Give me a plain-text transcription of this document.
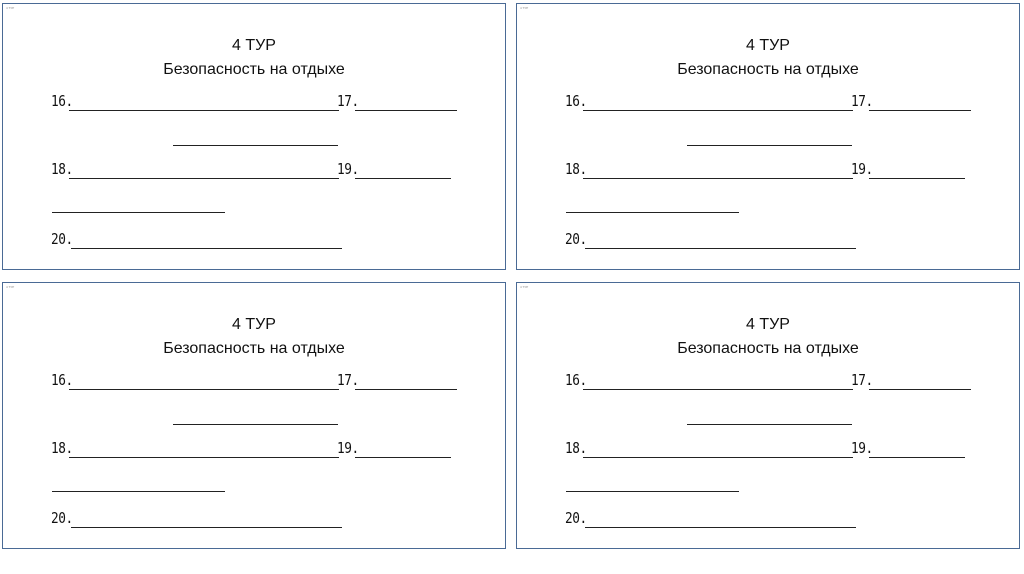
4 ТУР
4 ТУР
Безопасность на отдыхе
16.	17.
18.	19.
20.
4 ТУР
4 ТУР
Безопасность на отдыхе
16.	17.
18.	19.
20.
4 ТУР
4 ТУР
Безопасность на отдыхе
16.	17.
18.	19.
20.
4 ТУР
4 ТУР
Безопасность на отдыхе
16.	17.
18.	19.
20.
